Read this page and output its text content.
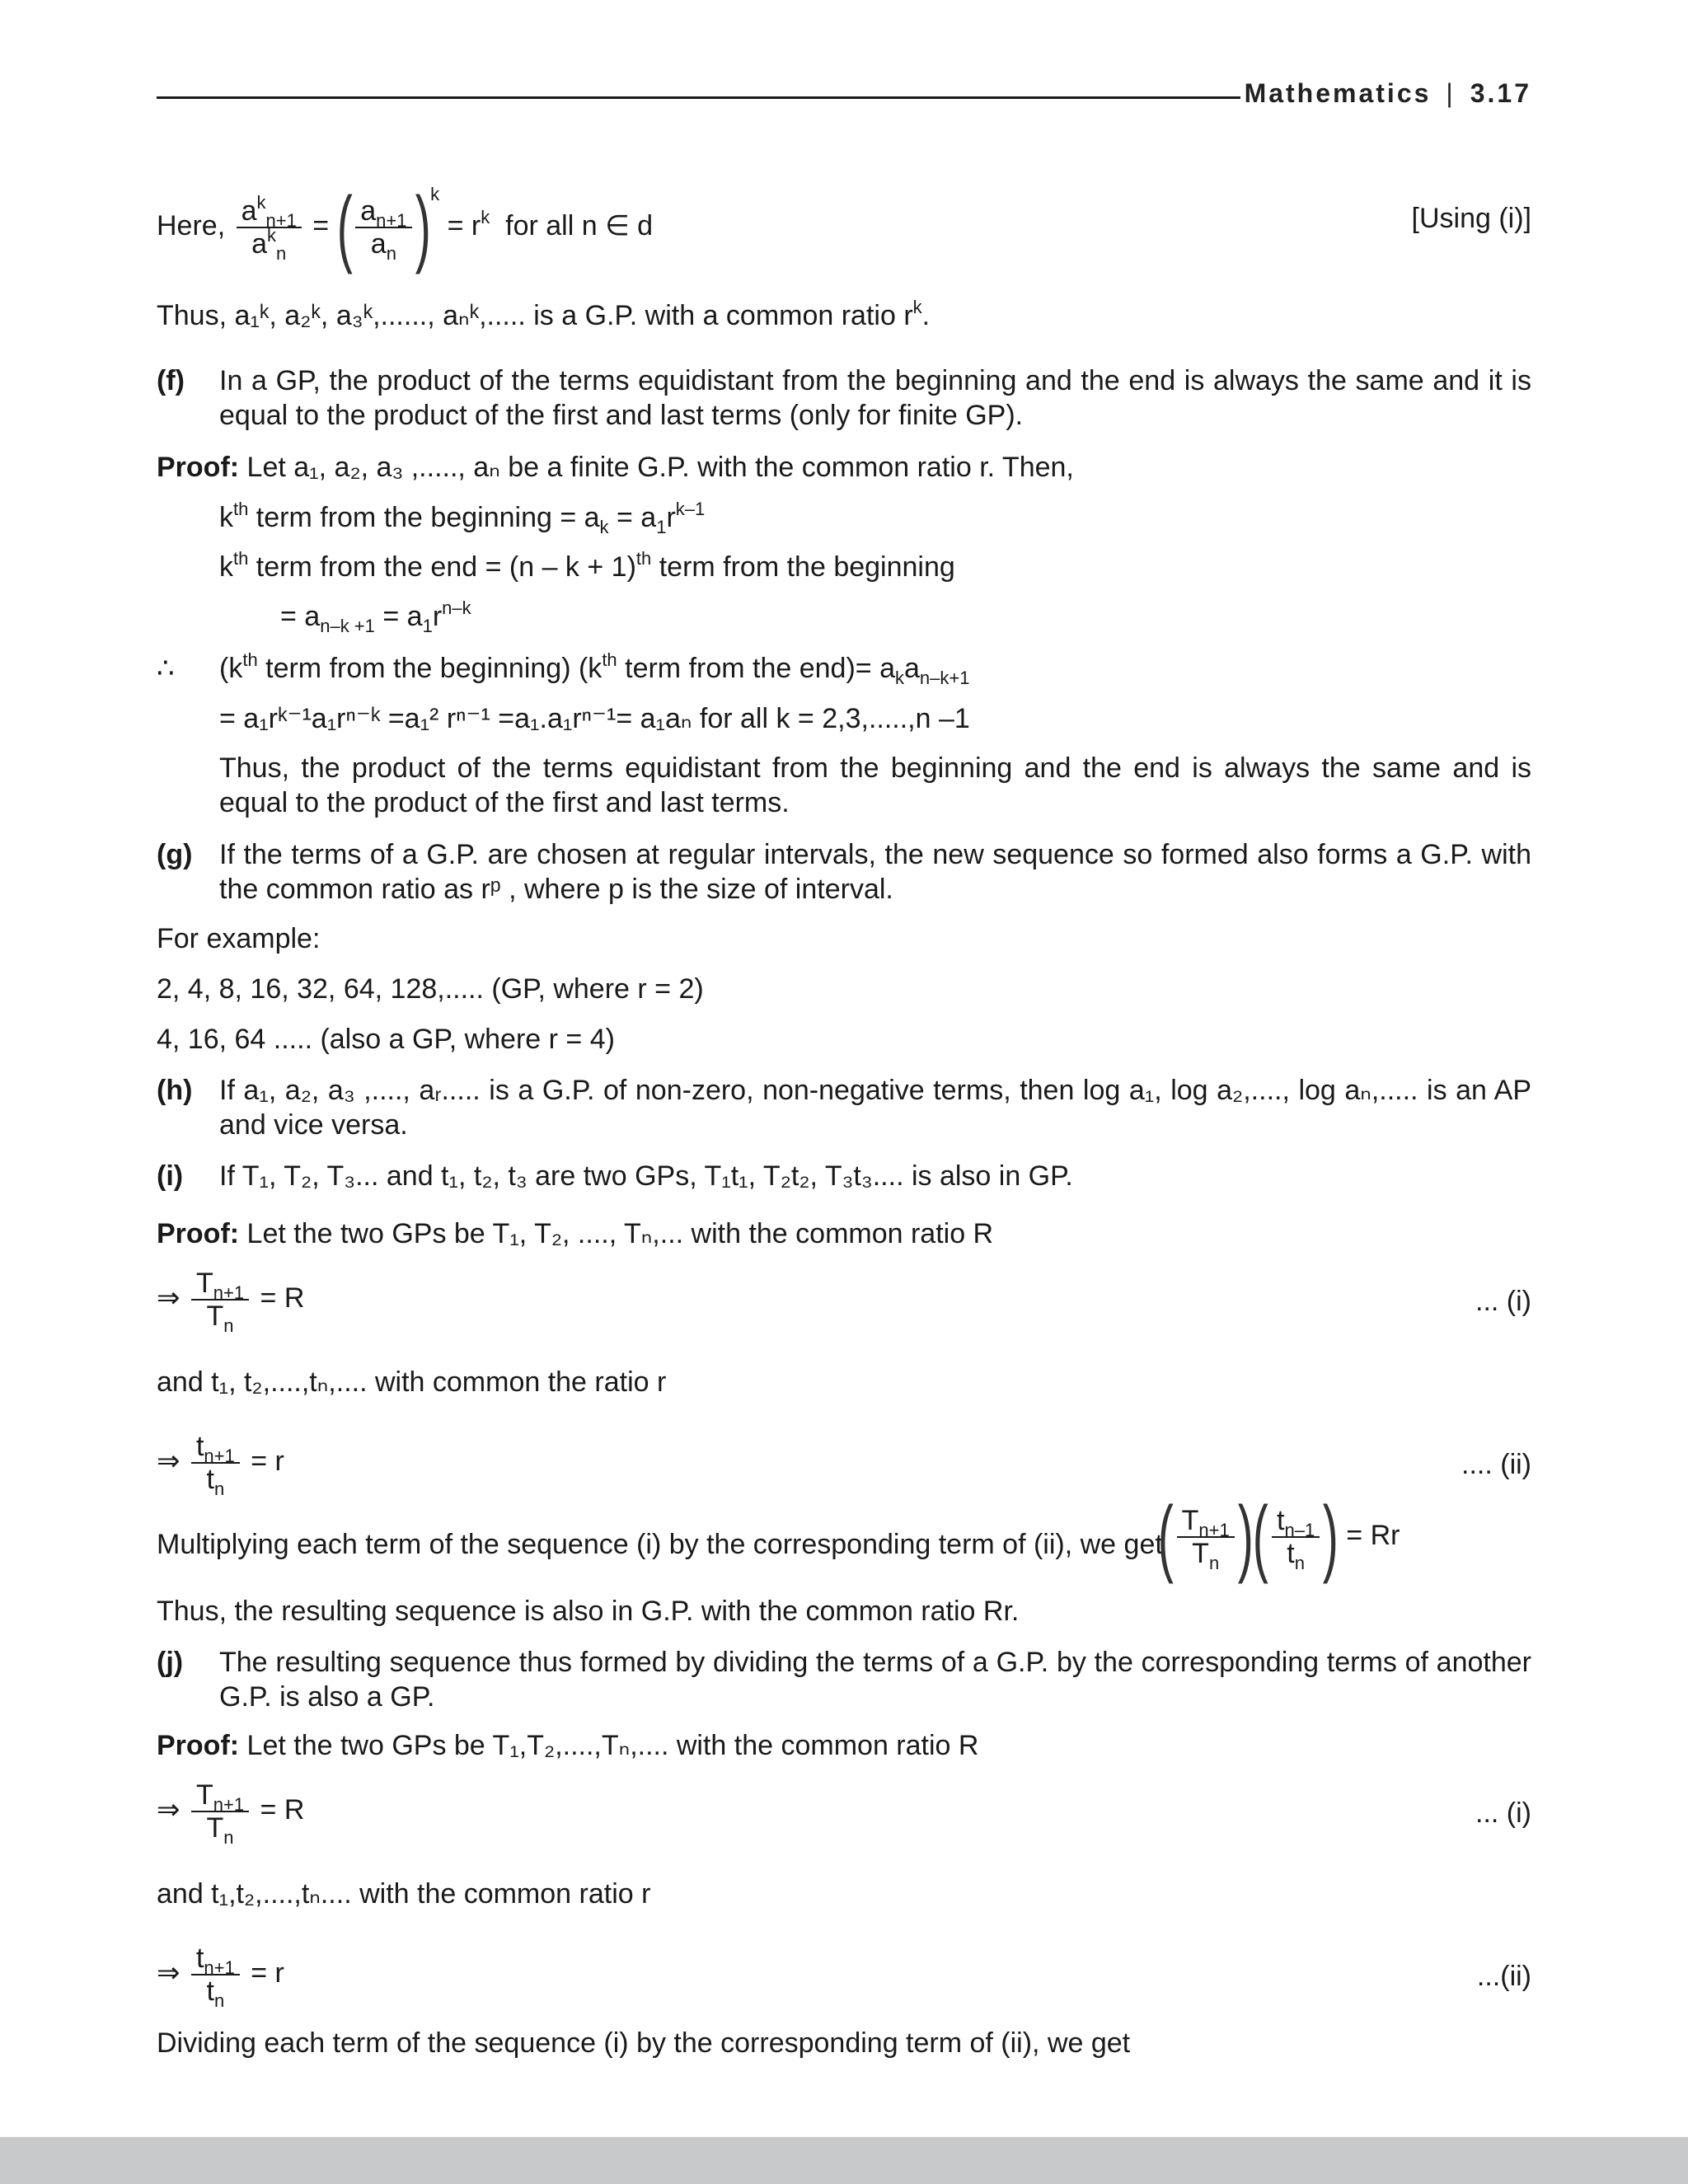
Mathematics | 3.17
Here, $\frac{a^k_{n+1}}{a^k_n}$ = ( $\frac{a_{n+1}}{a_n} )^k = r^k$ for all n ∈ d	[Using (i)]
Thus, a₁ᵏ, a₂ᵏ, a₃ᵏ,......, aₙᵏ,..... is a G.P. with a common ratio $r^k$.
(f)	In a GP, the product of the terms equidistant from the beginning and the end is always the same and it is equal to the product of the first and last terms (only for finite GP).
Proof: Let a₁, a₂, a₃ ,....., aₙ be a finite G.P. with the common ratio r. Then,
$k^{th}$ term from the beginning = $a_k = a_1r^{k-1}$
$k^{th}$ term from the end = $(n - k + 1)^{th}$ term from the beginning
= $a_{n-k +1} = a_1r^{n-k}$
∴ ($k^{th}$ term from the beginning) ($k^{th}$ term from the $end)= a_ka_{n-k+1}$
= a₁rᵏ⁻¹a₁rⁿ⁻ᵏ =a₁² rⁿ⁻¹ =a₁.a₁rⁿ⁻¹= a₁aₙ for all k = 2,3,.....,n –1
Thus, the product of the terms equidistant from the beginning and the end is always the same and is equal to the product of the first and last terms.
(g) If the terms of a G.P. are chosen at regular intervals, the new sequence so formed also forms a G.P. with the common ratio as rᵖ , where p is the size of interval.
For example:
2, 4, 8, 16, 32, 64, 128,..... (GP, where r = 2)
4, 16, 64 ..... (also a GP, where r = 4)
(h) If a₁, a₂, a₃ ,...., aᵣ..... is a G.P. of non-zero, non-negative terms, then log a₁, log a₂,...., log aₙ,..... is an AP and vice versa.
(i)	If T₁, T₂, T₃... and t₁, t₂, t₃ are two GPs, T₁t₁, T₂t₂, T₃t₃.... is also in GP.
Proof: Let the two GPs be T₁, T₂, ...., Tₙ,... with the common ratio R
⇒ $\frac{T_{n+1}}{T_n} = R$	... (i)
and t₁, t₂,....,tₙ,.... with common the ratio r
⇒ $\frac{t_{n+1}}{t_n} = r$	.... (ii)
Multiplying each term of the sequence (i) by the corresponding term of (ii), we get
( $\frac{T_{n+1}}{T_n}$ )( $\frac{t_{n-1}}{t_n}$ ) = Rr
Thus, the resulting sequence is also in G.P. with the common ratio Rr.
(j)	The resulting sequence thus formed by dividing the terms of a G.P. by the corresponding terms of another G.P. is also a GP.
Proof: Let the two GPs be T₁,T₂,....,Tₙ,.... with the common ratio R
⇒ $\frac{T_{n+1}}{T_n} = R$	... (i)
and t₁,t₂,....,tₙ.... with the common ratio r
⇒ $\frac{t_{n+1}}{t_n} = r$	...(ii)
Dividing each term of the sequence (i) by the corresponding term of (ii), we get
